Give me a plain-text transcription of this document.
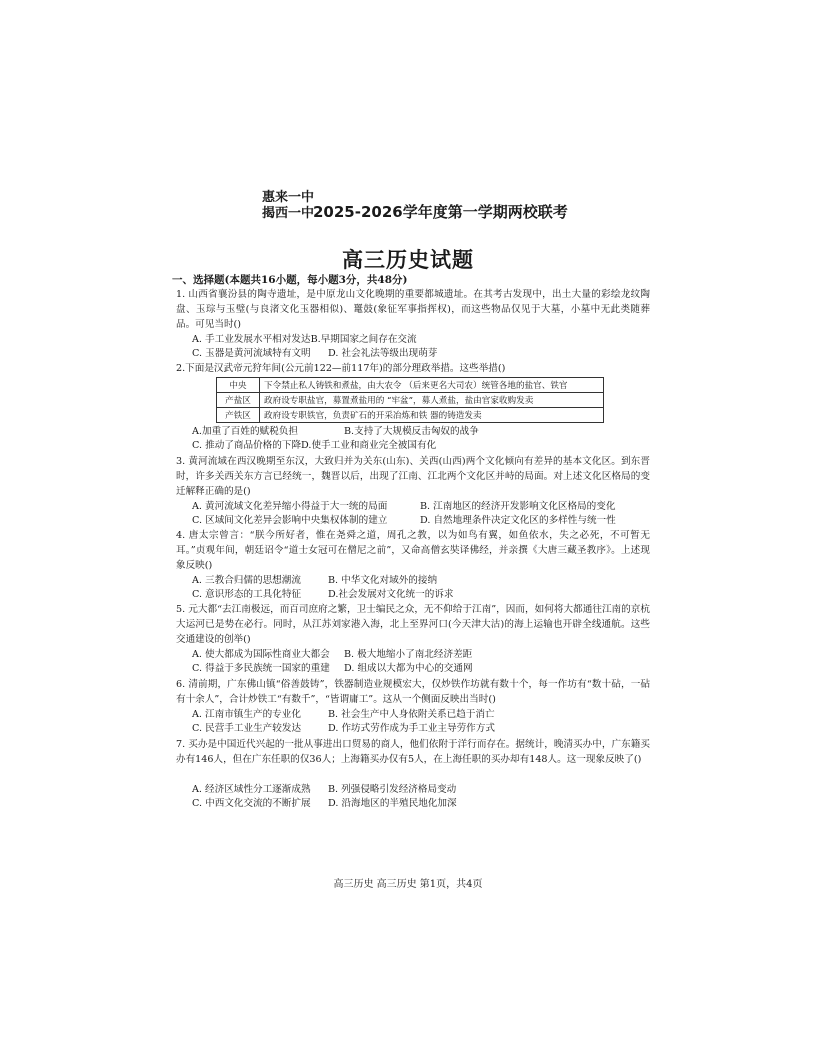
惠来一中
揭西一中
2025-2026学年度第一学期两校联考
高三历史试题
一、选择题(本题共16小题，每小题3分，共48分)
1. 山西省襄汾县的陶寺遗址，是中原龙山文化晚期的重要都城遗址。在其考古发现中，出土大量的彩绘龙纹陶盘、玉琮与玉璧(与良渚文化玉器相似)、鼍鼓(象征军事指挥权)，而这些物品仅见于大墓，小墓中无此类随葬品。可见当时()
A. 手工业发展水平相对发达B.早期国家之间存在交流
C. 玉器是黄河流域特有文明 D. 社会礼法等级出现萌芽
2.下面是汉武帝元狩年间(公元前122—前117年)的部分理政举措。这些举措()
中央	下令禁止私人铸铁和煮盐，由大农令 （后来更名大司农）统管各地的盐官、铁官
产盐区	政府设专职盐官，募置煮盐用的 “牢盆”，募人煮盐，盐由官家收购发卖
产铁区	政府设专职铁官，负责矿石的开采冶炼和铁 器的铸造发卖
A.加重了百姓的赋税负担	B.支持了大规模反击匈奴的战争
C. 推动了商品价格的下降D.使手工业和商业完全被国有化
3. 黄河流域在西汉晚期至东汉，大致归并为关东(山东)、关西(山西)两个文化倾向有差异的基本文化区。到东晋时，许多关西关东方言已经统一，魏晋以后，出现了江南、江北两个文化区并峙的局面。对上述文化区格局的变迁解释正确的是()
A. 黄河流域文化差异缩小得益于大一统的局面	B. 江南地区的经济开发影响文化区格局的变化
C. 区域间文化差异会影响中央集权体制的建立	D. 自然地理条件决定文化区的多样性与统一性
4. 唐太宗曾言：“朕今所好者，惟在尧舜之道，周孔之教，以为如鸟有翼，如鱼依水，失之必死，不可暂无耳。”贞观年间，朝廷诏令“道士女冠可在僧尼之前”，又命高僧玄奘译佛经，并亲撰《大唐三藏圣教序》。上述现象反映()
A. 三教合归儒的思想潮流	B. 中华文化对域外的接纳
C. 意识形态的工具化特征	D.社会发展对文化统一的诉求
5. 元大都“去江南极远，而百司庶府之繁，卫士编民之众，无不仰给于江南”，因而，如何将大都通往江南的京杭大运河已是势在必行。同时，从江苏刘家港入海，北上至界河口(今天津大沽)的海上运输也开辟全线通航。这些交通建设的创举()
A. 使大都成为国际性商业大都会 B. 极大地缩小了南北经济差距
C. 得益于多民族统一国家的重建 D. 组成以大都为中心的交通网
6. 清前期，广东佛山镇“俗善鼓铸”，铁器制造业规模宏大，仅炒铁作坊就有数十个，每一作坊有“数十砧，一砧有十余人”，合计炒铁工“有数千”，“皆谓庸工”。这从一个侧面反映出当时()
A. 江南市镇生产的专业化	B. 社会生产中人身依附关系已趋于消亡
C. 民营手工业生产较发达	D. 作坊式劳作成为手工业主导劳作方式
7. 买办是中国近代兴起的一批从事进出口贸易的商人，他们依附于洋行而存在。据统计，晚清买办中，广东籍买办有146人，但在广东任职的仅36人；上海籍买办仅有5人，在上海任职的买办却有148人。这一现象反映了()
A. 经济区域性分工逐渐成熟 B. 列强侵略引发经济格局变动
C. 中西文化交流的不断扩展 D. 沿海地区的半殖民地化加深
高三历史 高三历史 第1页，共4页
